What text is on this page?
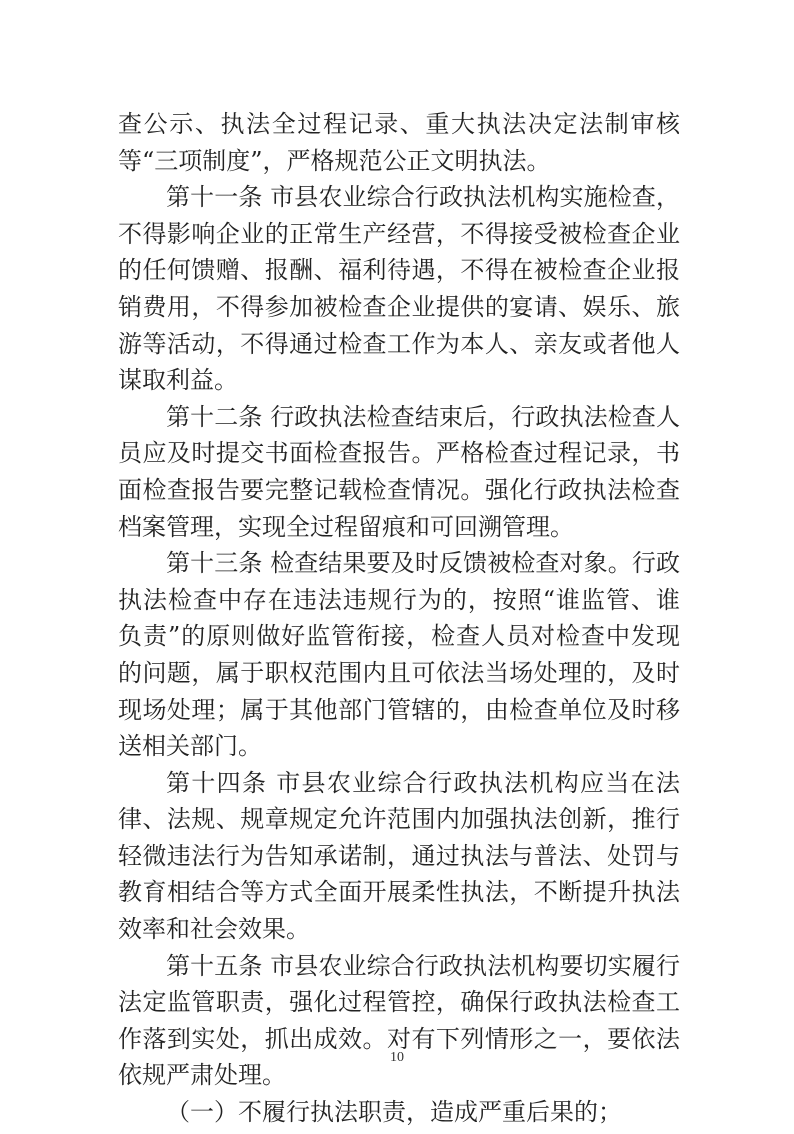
查公示、执法全过程记录、重大执法决定法制审核等“三项制度”，严格规范公正文明执法。

第十一条 市县农业综合行政执法机构实施检查，不得影响企业的正常生产经营，不得接受被检查企业的任何馈赠、报酬、福利待遇，不得在被检查企业报销费用，不得参加被检查企业提供的宴请、娱乐、旅游等活动，不得通过检查工作为本人、亲友或者他人谋取利益。

第十二条 行政执法检查结束后，行政执法检查人员应及时提交书面检查报告。严格检查过程记录，书面检查报告要完整记载检查情况。强化行政执法检查档案管理，实现全过程留痕和可回溯管理。

第十三条 检查结果要及时反馈被检查对象。行政执法检查中存在违法违规行为的，按照“谁监管、谁负责”的原则做好监管衔接，检查人员对检查中发现的问题，属于职权范围内且可依法当场处理的，及时现场处理；属于其他部门管辖的，由检查单位及时移送相关部门。

第十四条 市县农业综合行政执法机构应当在法律、法规、规章规定允许范围内加强执法创新，推行轻微违法行为告知承诺制，通过执法与普法、处罚与教育相结合等方式全面开展柔性执法，不断提升执法效率和社会效果。

第十五条 市县农业综合行政执法机构要切实履行法定监管职责，强化过程管控，确保行政执法检查工作落到实处，抓出成效。对有下列情形之一，要依法依规严肃处理。

（一）不履行执法职责，造成严重后果的；

10
